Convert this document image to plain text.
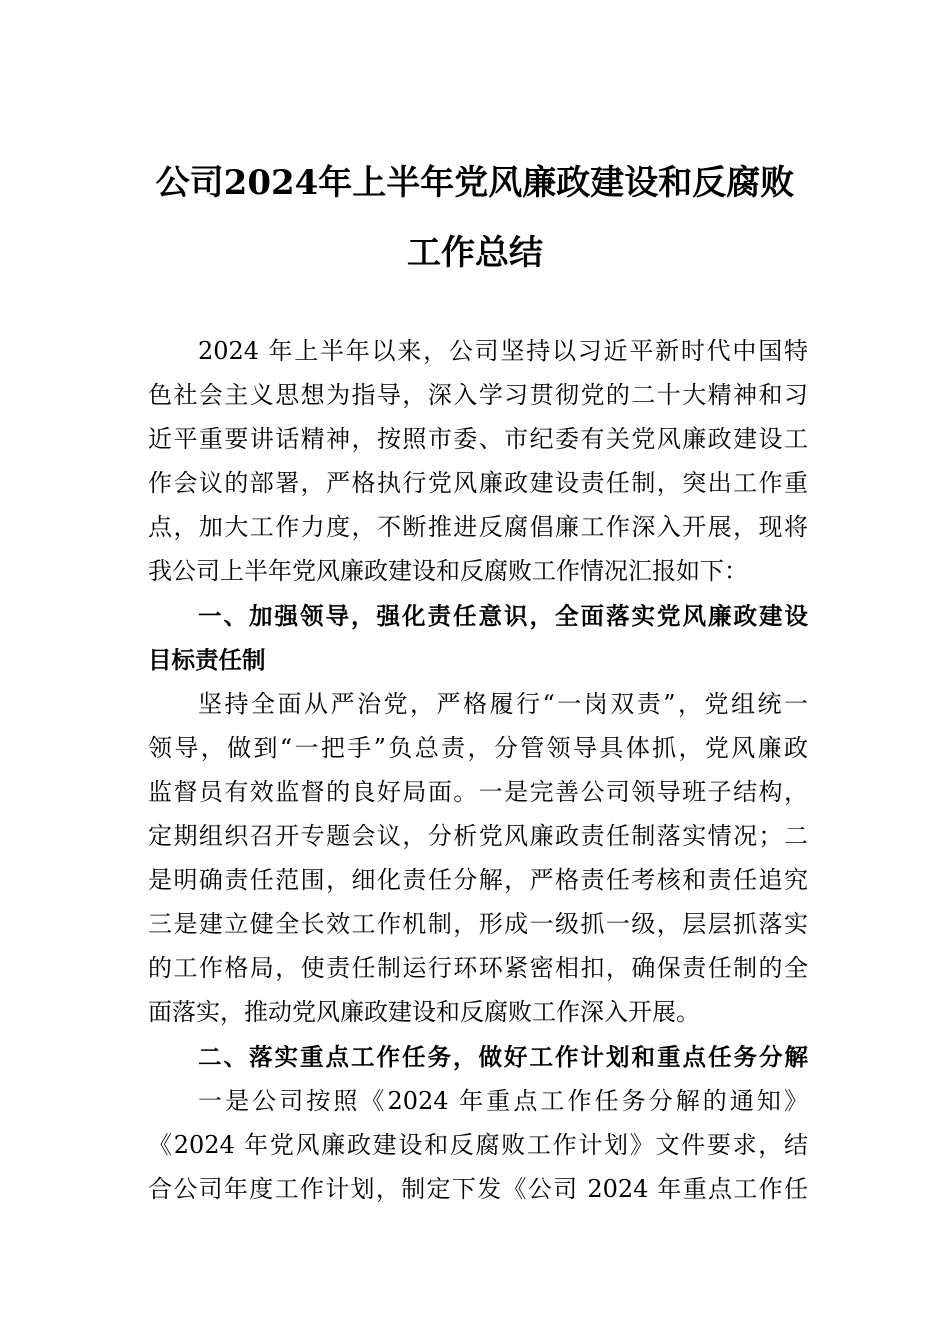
公司2024年上半年党风廉政建设和反腐败
工作总结
2024 年上半年以来，公司坚持以习近平新时代中国特
色社会主义思想为指导，深入学习贯彻党的二十大精神和习
近平重要讲话精神，按照市委、市纪委有关党风廉政建设工
作会议的部署，严格执行党风廉政建设责任制，突出工作重
点，加大工作力度，不断推进反腐倡廉工作深入开展，现将
我公司上半年党风廉政建设和反腐败工作情况汇报如下：
一、加强领导，强化责任意识，全面落实党风廉政建设
目标责任制
坚持全面从严治党，严格履行“一岗双责”，党组统一
领导，做到“一把手”负总责，分管领导具体抓，党风廉政
监督员有效监督的良好局面。一是完善公司领导班子结构，
定期组织召开专题会议，分析党风廉政责任制落实情况；二
是明确责任范围，细化责任分解，严格责任考核和责任追究
三是建立健全长效工作机制，形成一级抓一级，层层抓落实
的工作格局，使责任制运行环环紧密相扣，确保责任制的全
面落实，推动党风廉政建设和反腐败工作深入开展。
二、落实重点工作任务，做好工作计划和重点任务分解
一是公司按照《2024 年重点工作任务分解的通知》
《2024 年党风廉政建设和反腐败工作计划》文件要求，结
合公司年度工作计划，制定下发《公司 2024 年重点工作任
